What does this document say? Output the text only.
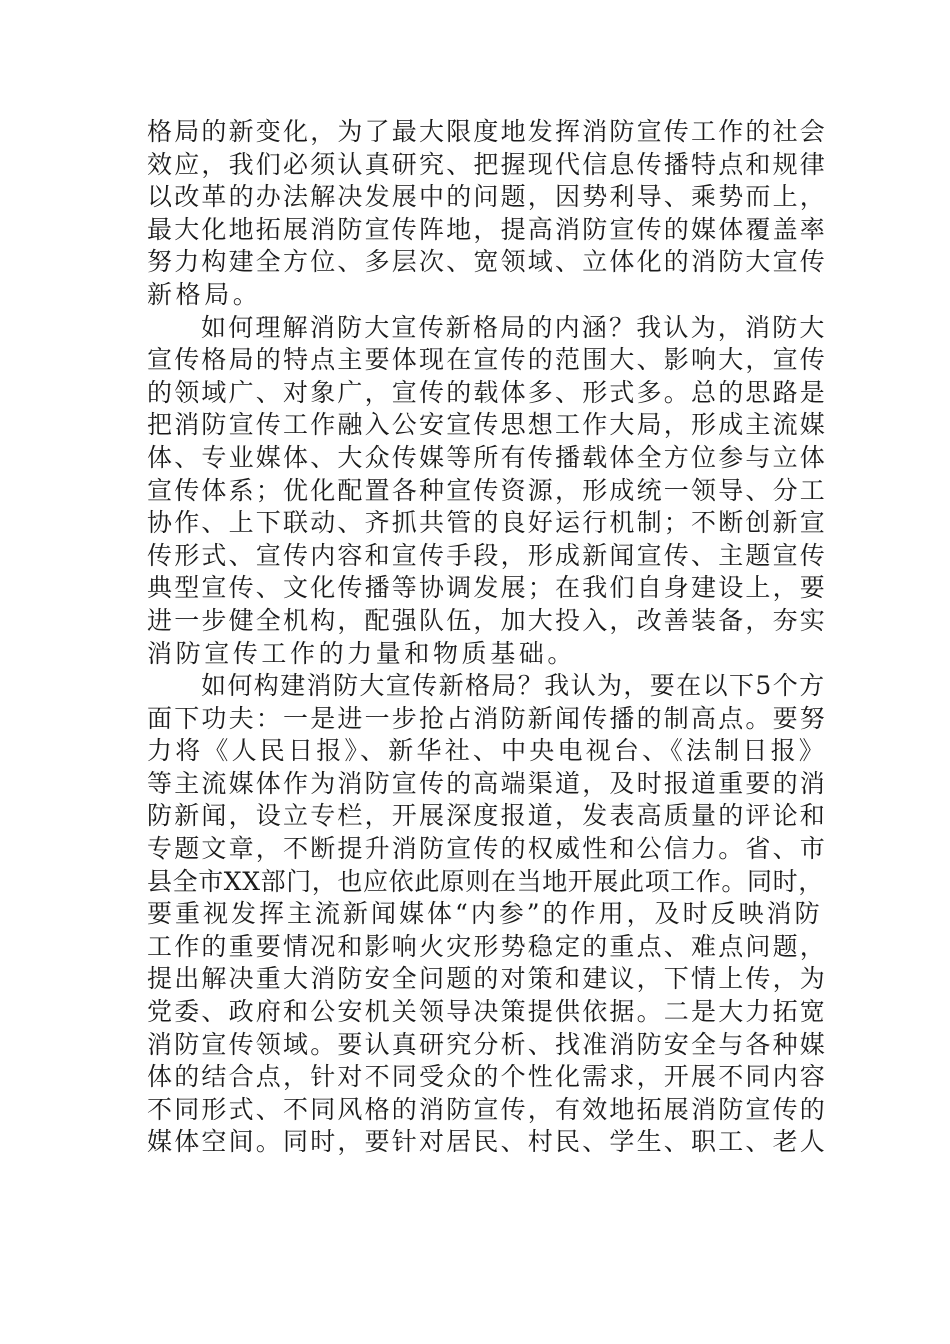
格局的新变化，为了最大限度地发挥消防宣传工作的社会
效应，我们必须认真研究、把握现代信息传播特点和规律
以改革的办法解决发展中的问题，因势利导、乘势而上，
最大化地拓展消防宣传阵地，提高消防宣传的媒体覆盖率
努力构建全方位、多层次、宽领域、立体化的消防大宣传
新格局。
如何理解消防大宣传新格局的内涵？我认为，消防大
宣传格局的特点主要体现在宣传的范围大、影响大，宣传
的领域广、对象广，宣传的载体多、形式多。总的思路是
把消防宣传工作融入公安宣传思想工作大局，形成主流媒
体、专业媒体、大众传媒等所有传播载体全方位参与立体
宣传体系；优化配置各种宣传资源，形成统一领导、分工
协作、上下联动、齐抓共管的良好运行机制；不断创新宣
传形式、宣传内容和宣传手段，形成新闻宣传、主题宣传
典型宣传、文化传播等协调发展；在我们自身建设上，要
进一步健全机构，配强队伍，加大投入，改善装备，夯实
消防宣传工作的力量和物质基础。
如何构建消防大宣传新格局？我认为，要在以下5个方
面下功夫：一是进一步抢占消防新闻传播的制高点。要努
力将《人民日报》、新华社、中央电视台、《法制日报》
等主流媒体作为消防宣传的高端渠道，及时报道重要的消
防新闻，设立专栏，开展深度报道，发表高质量的评论和
专题文章，不断提升消防宣传的权威性和公信力。省、市
县全市XX部门，也应依此原则在当地开展此项工作。同时，
要重视发挥主流新闻媒体“内参”的作用，及时反映消防
工作的重要情况和影响火灾形势稳定的重点、难点问题，
提出解决重大消防安全问题的对策和建议，下情上传，为
党委、政府和公安机关领导决策提供依据。二是大力拓宽
消防宣传领域。要认真研究分析、找准消防安全与各种媒
体的结合点，针对不同受众的个性化需求，开展不同内容
不同形式、不同风格的消防宣传，有效地拓展消防宣传的
媒体空间。同时，要针对居民、村民、学生、职工、老人
